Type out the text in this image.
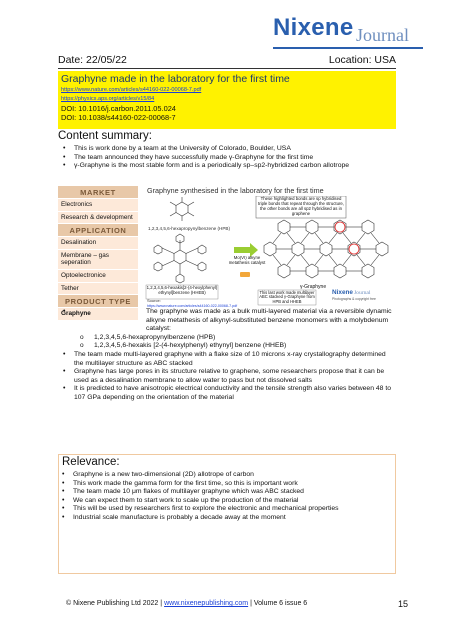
Nixene Journal
Date: 22/05/22	Location: USA
Graphyne made in the laboratory for the first time
https://www.nature.com/articles/s44160-022-00068-7.pdf
https://physics.aps.org/articles/v15/84
DOI: 10.1016/j.carbon.2011.05.024
DOI: 10.1038/s44160-022-00068-7
Content summary:
• This is work done by a team at the University of Colorado, Boulder, USA
• The team announced they have successfully made γ-Graphyne for the first time
• γ-Graphyne is the most stable form and is a periodically sp–sp2-hybridized carbon allotrope
MARKET
Electronics
Research & development
APPLICATION
Desalination
Membrane – gas seperation
Optoelectronice
Tether
PRODUCT TYPE
Graphyne
Graphyne synthesised in the laboratory for the first time
1,2,3,4,5,6-hexapropynylbenzene (HPB)
1,2,3,4,5,6-hexakis[2-(4-hexylphenyl) ethynyl]benzene (HHEB)
Mo(VI) alkyne metathesis catalyst
These highlighted bonds are sp hybridised triple bonds that repeat through the structure, the other bonds are all sp2 hybridised as in graphene
γ-Graphyne
This last work made multilayer ABC stacked γ-Graphyne from HPB and HHEB
Nixene Journal
Photographs & copyright free
Source:
https://www.nature.com/articles/s44160-022-00068-7.pdf
• The graphyne was made as a bulk multi-layered material via a reversible dynamic alkyne metathesis of alkynyl-substituted benzene monomers with a molybdenum catalyst:
o 1,2,3,4,5,6-hexapropynylbenzene (HPB)
o 1,2,3,4,5,6-hexakis [2-(4-hexylphenyl) ethynyl] benzene (HHEB)
• The team made multi-layered graphyne with a flake size of 10 microns x-ray crystallography determined the multilayer structure as ABC stacked
• Graphyne has large pores in its structure relative to graphene, some researchers propose that it can be used as a desalination membrane to allow water to pass but not dissolved salts
• It is predicted to have anisotropic electrical conductivity and the tensile strength also varies between 48 to 107 GPa depending on the orientation of the material
Relevance:
• Graphyne is a new two-dimensional (2D) allotrope of carbon
• This work made the gamma form for the first time, so this is important work
• The team made 10 μm flakes of multilayer graphyne which was ABC stacked
• We can expect them to start work to scale up the production of the material
• This will be used by researchers first to explore the electronic and mechanical properties
• Industrial scale manufacture is probably a decade away at the moment
© Nixene Publishing Ltd 2022 | www.nixenepublishing.com | Volume 6 issue 6	15
